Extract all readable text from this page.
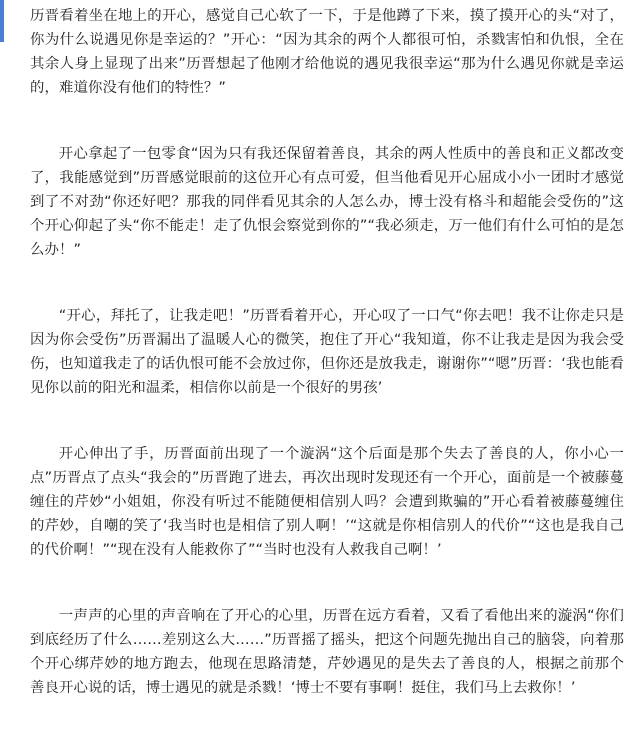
历晋看着坐在地上的开心，感觉自己心软了一下，于是他蹲了下来，摸了摸开心的头“对了，你为什么说遇见你是幸运的？”开心：“因为其余的两个人都很可怕，杀戮害怕和仇恨，全在其余人身上显现了出来”历晋想起了他刚才给他说的遇见我很幸运“那为什么遇见你就是幸运的，难道你没有他们的特性？”

开心拿起了一包零食“因为只有我还保留着善良，其余的两人性质中的善良和正义都改变了，我能感觉到”历晋感觉眼前的这位开心有点可爱，但当他看见开心屈成小小一团时才感觉到了不对劲“你还好吧？那我的同伴看见其余的人怎么办，博士没有格斗和超能会受伤的”这个开心仰起了头“你不能走！走了仇恨会察觉到你的”“我必须走，万一他们有什么可怕的是怎么办！”

“开心，拜托了，让我走吧！”历晋看着开心，开心叹了一口气“你去吧！我不让你走只是因为你会受伤”历晋漏出了温暖人心的微笑，抱住了开心“我知道，你不让我走是因为我会受伤，也知道我走了的话仇恨可能不会放过你，但你还是放我走，谢谢你”“嗯”历晋：‘我也能看见你以前的阳光和温柔，相信你以前是一个很好的男孩’

开心伸出了手，历晋面前出现了一个漩涡“这个后面是那个失去了善良的人，你小心一点”历晋点了点头“我会的”历晋跑了进去，再次出现时发现还有一个开心，面前是一个被藤蔓缠住的芹妙“小姐姐，你没有听过不能随便相信别人吗？会遭到欺骗的”开心看着被藤蔓缠住的芹妙，自嘲的笑了‘我当时也是相信了别人啊！’“这就是你相信别人的代价”“这也是我自己的代价啊！”“现在没有人能救你了”“当时也没有人救我自己啊！’

一声声的心里的声音响在了开心的心里，历晋在远方看着，又看了看他出来的漩涡“你们到底经历了什么……差别这么大……”历晋摇了摇头，把这个问题先抛出自己的脑袋，向着那个开心绑芹妙的地方跑去，他现在思路清楚，芹妙遇见的是失去了善良的人，根据之前那个善良开心说的话，博士遇见的就是杀戮！‘博士不要有事啊！挺住，我们马上去救你！’
